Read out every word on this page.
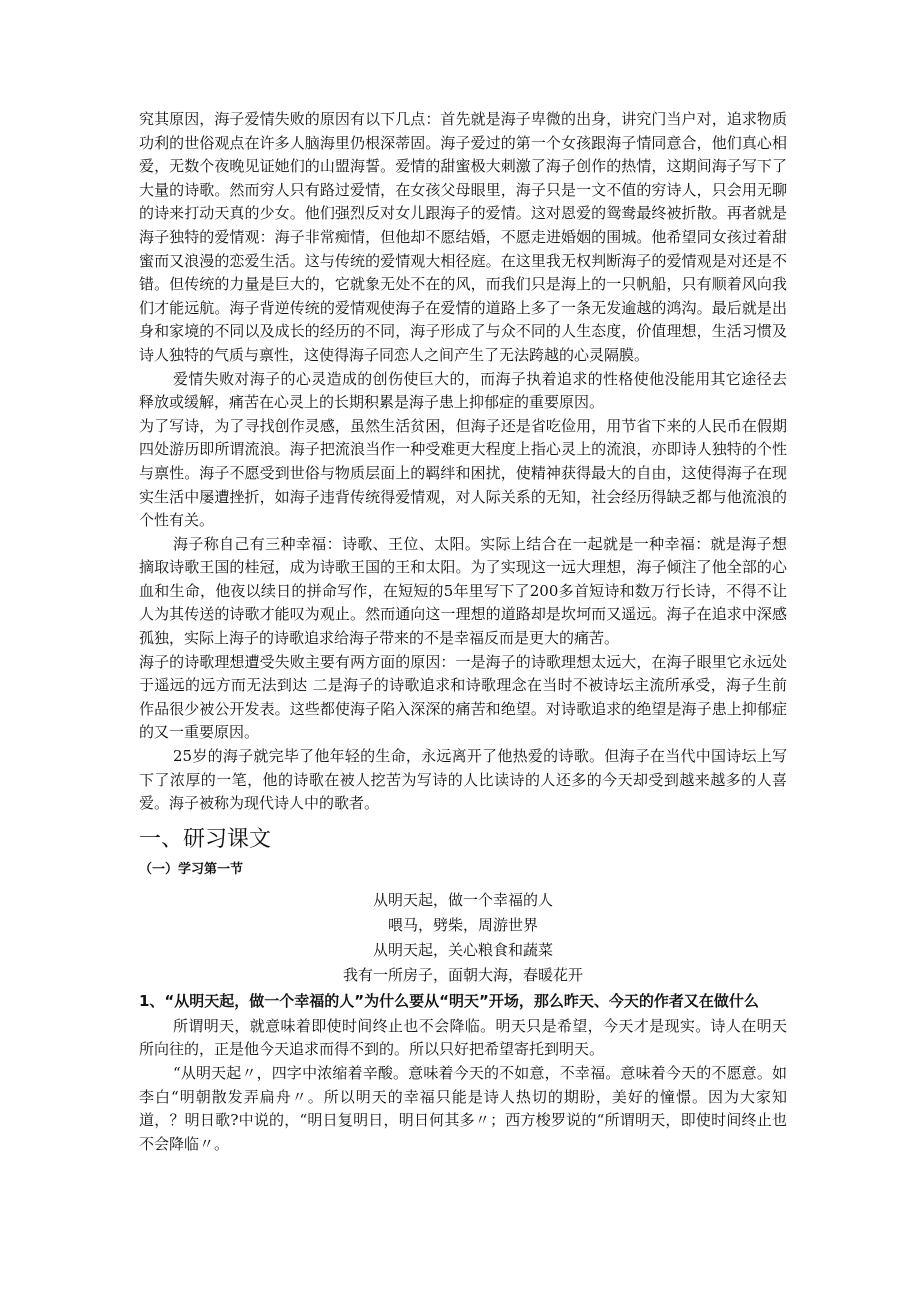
究其原因，海子爱情失败的原因有以下几点：首先就是海子卑微的出身，讲究门当户对，追求物质功利的世俗观点在许多人脑海里仍根深蒂固。海子爱过的第一个女孩跟海子情同意合，他们真心相爱，无数个夜晚见证她们的山盟海誓。爱情的甜蜜极大刺激了海子创作的热情，这期间海子写下了大量的诗歌。然而穷人只有路过爱情，在女孩父母眼里，海子只是一文不值的穷诗人，只会用无聊的诗来打动天真的少女。他们强烈反对女儿跟海子的爱情。这对恩爱的鸳鸯最终被折散。再者就是海子独特的爱情观：海子非常痴情，但他却不愿结婚，不愿走进婚姻的围城。他希望同女孩过着甜蜜而又浪漫的恋爱生活。这与传统的爱情观大相径庭。在这里我无权判断海子的爱情观是对还是不错。但传统的力量是巨大的，它就象无处不在的风，而我们只是海上的一只帆船，只有顺着风向我们才能远航。海子背逆传统的爱情观使海子在爱情的道路上多了一条无发逾越的鸿沟。最后就是出身和家境的不同以及成长的经历的不同，海子形成了与众不同的人生态度，价值理想，生活习惯及诗人独特的气质与禀性，这使得海子同恋人之间产生了无法跨越的心灵隔膜。

爱情失败对海子的心灵造成的创伤使巨大的，而海子执着追求的性格使他没能用其它途径去释放或缓解，痛苦在心灵上的长期积累是海子患上抑郁症的重要原因。

为了写诗，为了寻找创作灵感，虽然生活贫困，但海子还是省吃俭用，用节省下来的人民币在假期四处游历即所谓流浪。海子把流浪当作一种受难更大程度上指心灵上的流浪，亦即诗人独特的个性与禀性。海子不愿受到世俗与物质层面上的羁绊和困扰，使精神获得最大的自由，这使得海子在现实生活中屡遭挫折，如海子违背传统得爱情观，对人际关系的无知，社会经历得缺乏都与他流浪的个性有关。

海子称自己有三种幸福：诗歌、王位、太阳。实际上结合在一起就是一种幸福：就是海子想摘取诗歌王国的桂冠，成为诗歌王国的王和太阳。为了实现这一远大理想，海子倾注了他全部的心血和生命，他夜以续日的拼命写作，在短短的5年里写下了200多首短诗和数万行长诗，不得不让人为其传送的诗歌才能叹为观止。然而通向这一理想的道路却是坎坷而又遥远。海子在追求中深感孤独，实际上海子的诗歌追求给海子带来的不是幸福反而是更大的痛苦。

海子的诗歌理想遭受失败主要有两方面的原因：一是海子的诗歌理想太远大，在海子眼里它永远处于遥远的远方而无法到达 二是海子的诗歌追求和诗歌理念在当时不被诗坛主流所承受，海子生前作品很少被公开发表。这些都使海子陷入深深的痛苦和绝望。对诗歌追求的绝望是海子患上抑郁症的又一重要原因。

25岁的海子就完毕了他年轻的生命，永远离开了他热爱的诗歌。但海子在当代中国诗坛上写下了浓厚的一笔，他的诗歌在被人挖苦为写诗的人比读诗的人还多的今天却受到越来越多的人喜爱。海子被称为现代诗人中的歌者。

一、研习课文
（一）学习第一节
从明天起，做一个幸福的人
喂马，劈柴，周游世界
从明天起，关心粮食和蔬菜
我有一所房子，面朝大海，春暖花开
1、“从明天起，做一个幸福的人”为什么要从“明天”开场，那么昨天、今天的作者又在做什么

所谓明天，就意味着即使时间终止也不会降临。明天只是希望，今天才是现实。诗人在明天所向往的，正是他今天追求而得不到的。所以只好把希望寄托到明天。

“从明天起〃，四字中浓缩着辛酸。意味着今天的不如意，不幸福。意味着今天的不愿意。如李白“明朝散发弄扁舟〃。所以明天的幸福只能是诗人热切的期盼，美好的憧憬。因为大家知道，？明日歌?中说的，“明日复明日，明日何其多〃；西方梭罗说的“所谓明天，即使时间终止也不会降临〃。
